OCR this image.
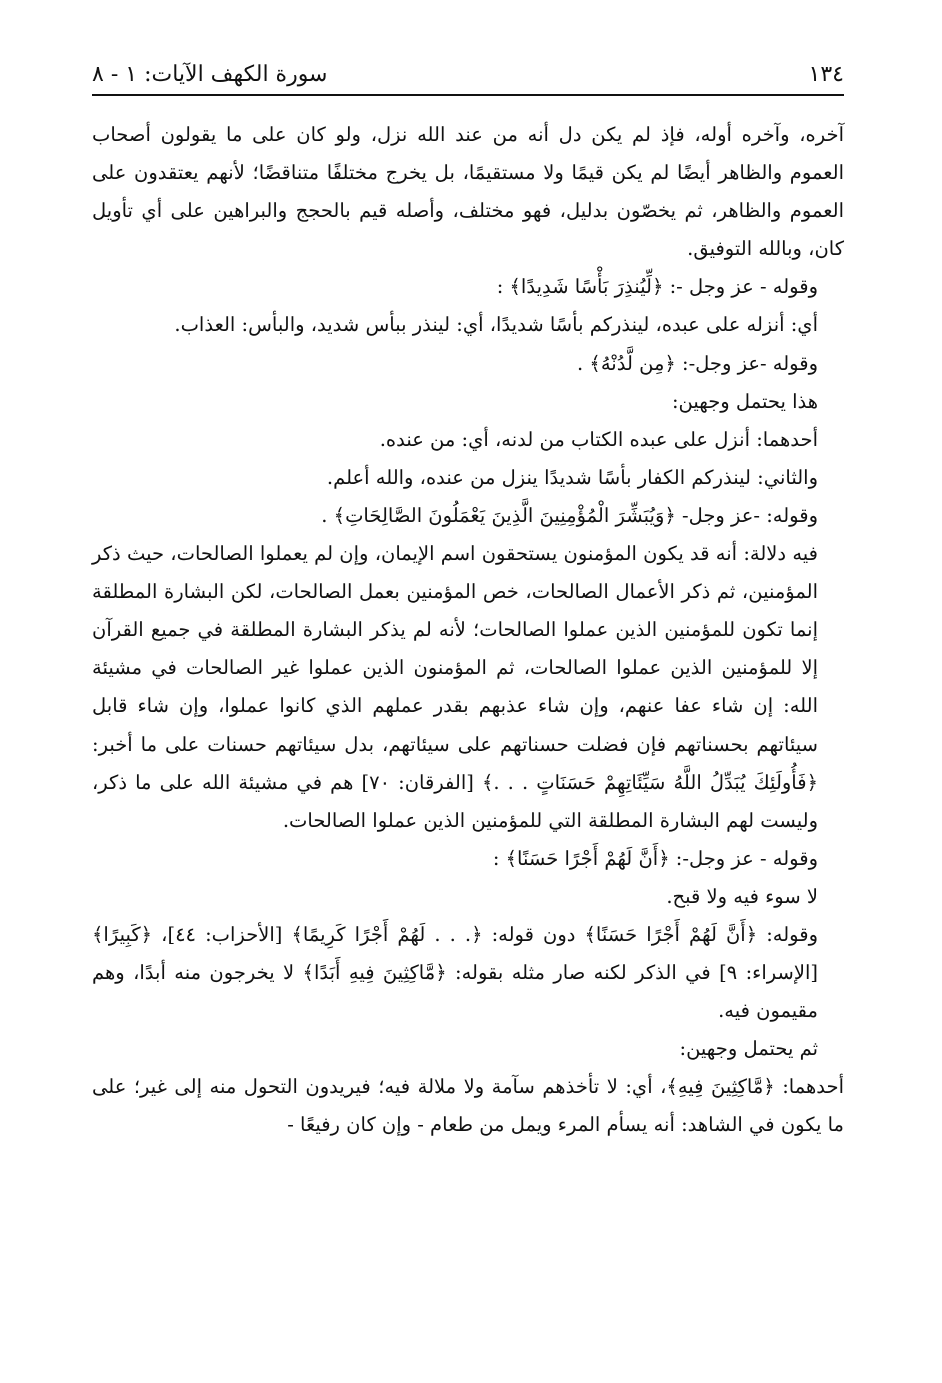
١٣٤
سورة الكهف الآيات: ١ - ٨

آخره، وآخره أوله، فإذ لم يكن دل أنه من عند الله نزل، ولو كان على ما يقولون أصحاب العموم والظاهر أيضًا لم يكن قيمًا ولا مستقيمًا، بل يخرج مختلفًا متناقضًا؛ لأنهم يعتقدون على العموم والظاهر، ثم يخصّون بدليل، فهو مختلف، وأصله قيم بالحجج والبراهين على أي تأويل كان، وبالله التوفيق.

وقوله - عز وجل -: ﴿لِّيُنذِرَ بَأْسًا شَدِيدًا﴾ :

أي: أنزله على عبده، لينذركم بأسًا شديدًا، أي: لينذر ببأس شديد، والبأس: العذاب.

وقوله -عز وجل-: ﴿مِن لَّدُنْهُ﴾ .

هذا يحتمل وجهين:

أحدهما: أنزل على عبده الكتاب من لدنه، أي: من عنده.

والثاني: لينذركم الكفار بأسًا شديدًا ينزل من عنده، والله أعلم.

وقوله: -عز وجل- ﴿وَيُبَشِّرَ الْمُؤْمِنِينَ الَّذِينَ يَعْمَلُونَ الصَّالِحَاتِ﴾ .

فيه دلالة: أنه قد يكون المؤمنون يستحقون اسم الإيمان، وإن لم يعملوا الصالحات، حيث ذكر المؤمنين، ثم ذكر الأعمال الصالحات، خص المؤمنين بعمل الصالحات، لكن البشارة المطلقة إنما تكون للمؤمنين الذين عملوا الصالحات؛ لأنه لم يذكر البشارة المطلقة في جميع القرآن إلا للمؤمنين الذين عملوا الصالحات، ثم المؤمنون الذين عملوا غير الصالحات في مشيئة الله: إن شاء عفا عنهم، وإن شاء عذبهم بقدر عملهم الذي كانوا عملوا، وإن شاء قابل سيئاتهم بحسناتهم فإن فضلت حسناتهم على سيئاتهم، بدل سيئاتهم حسنات على ما أخبر: ﴿فَأُولَئِكَ يُبَدِّلُ اللَّهُ سَيِّئَاتِهِمْ حَسَنَاتٍ . . .﴾ [الفرقان: ٧٠] هم في مشيئة الله على ما ذكر، وليست لهم البشارة المطلقة التي للمؤمنين الذين عملوا الصالحات.

وقوله - عز وجل-: ﴿أَنَّ لَهُمْ أَجْرًا حَسَنًا﴾ :

لا سوء فيه ولا قبح.

وقوله: ﴿أَنَّ لَهُمْ أَجْرًا حَسَنًا﴾ دون قوله: ﴿. . . لَهُمْ أَجْرًا كَرِيمًا﴾ [الأحزاب: ٤٤]، ﴿كَبِيرًا﴾ [الإسراء: ٩] في الذكر لكنه صار مثله بقوله: ﴿مَّاكِثِينَ فِيهِ أَبَدًا﴾ لا يخرجون منه أبدًا، وهم مقيمون فيه.

ثم يحتمل وجهين:

أحدهما: ﴿مَّاكِثِينَ فِيهِ﴾، أي: لا تأخذهم سآمة ولا ملالة فيه؛ فيريدون التحول منه إلى غير؛ على ما يكون في الشاهد: أنه يسأم المرء ويمل من طعام - وإن كان رفيعًا -
